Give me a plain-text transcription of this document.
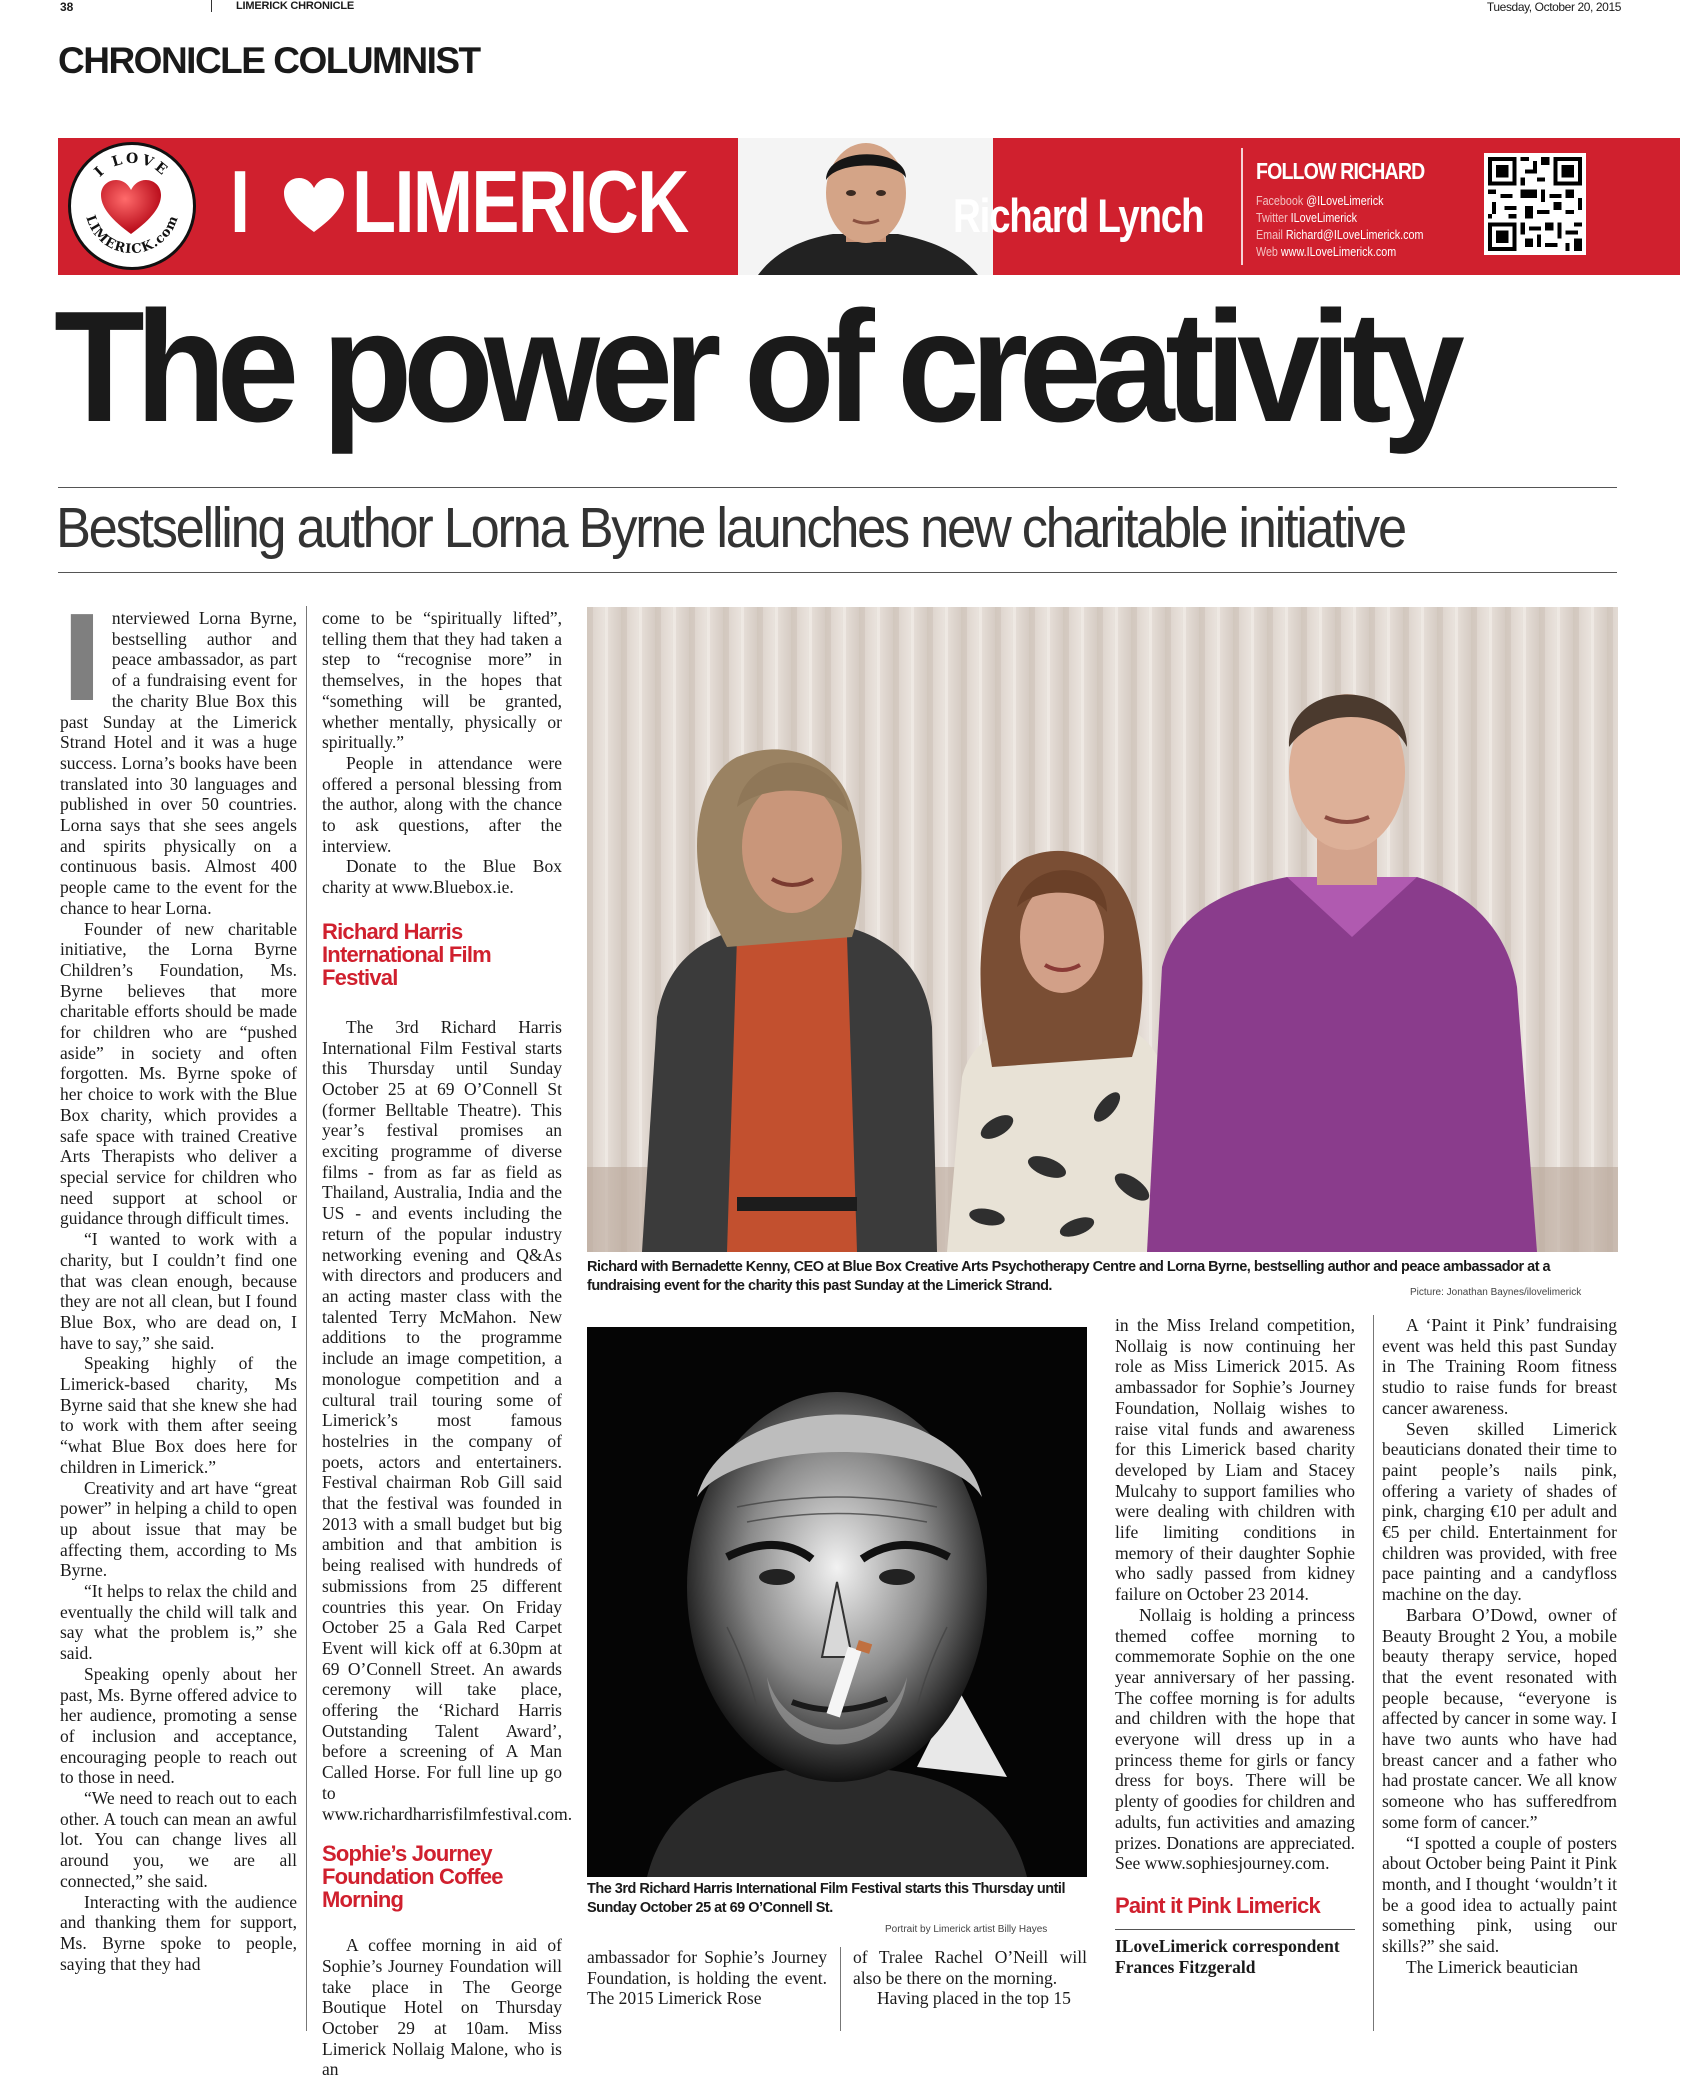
38	LIMERICK CHRONICLE	Tuesday, October 20, 2015
CHRONICLE COLUMNIST
I LOVE
LIMERICK.com I LIMERICK	Richard Lynch
FOLLOW RICHARD
Facebook @ILoveLimerick
Twitter ILoveLimerick
Email Richard@ILoveLimerick.com
Web www.ILoveLimerick.com
The power of creativity
Bestselling author Lorna Byrne launches new charitable initiative
I nterviewed Lorna Byrne, bestselling author and peace ambassador, as part of a fundraising event for the charity Blue Box this past Sunday at the Limerick Strand Hotel and it was a huge success. Lorna’s books have been translated into 30 languages and published in over 50 countries. Lorna says that she sees angels and spirits physically on a continuous basis. Almost 400 people came to the event for the chance to hear Lorna.

Founder of new charitable initiative, the Lorna Byrne Children’s Foundation, Ms. Byrne believes that more charitable efforts should be made for children who are “pushed aside” in society and often forgotten. Ms. Byrne spoke of her choice to work with the Blue Box charity, which provides a safe space with trained Creative Arts Therapists who deliver a special service for children who need support at school or guidance through difficult times.

“I wanted to work with a charity, but I couldn’t find one that was clean enough, because they are not all clean, but I found Blue Box, who are dead on, I have to say,” she said.

Speaking highly of the Limerick-based charity, Ms Byrne said that she knew she had to work with them after seeing “what Blue Box does here for children in Limerick.”

Creativity and art have “great power” in helping a child to open up about issue that may be affecting them, according to Ms Byrne.

“It helps to relax the child and eventually the child will talk and say what the problem is,” she said.

Speaking openly about her past, Ms. Byrne offered advice to her audience, promoting a sense of inclusion and acceptance, encouraging people to reach out to those in need.

“We need to reach out to each other. A touch can mean an awful lot. You can change lives all around you, we are all connected,” she said.

Interacting with the audience and thanking them for support, Ms. Byrne spoke to people, saying that they had

come to be “spiritually lifted”, telling them that they had taken a step to “recognise more” in themselves, in the hopes that “something will be granted, whether mentally, physically or spiritually.”

People in attendance were offered a personal blessing from the author, along with the chance to ask questions, after the interview.

Donate to the Blue Box charity at www.Bluebox.ie.

Richard Harris International Film Festival

The 3rd Richard Harris International Film Festival starts this Thursday until Sunday October 25 at 69 O’Connell St (former Belltable Theatre). This year’s festival promises an exciting programme of diverse films - from as far as field as Thailand, Australia, India and the US - and events including the return of the popular industry networking evening and Q&As with directors and producers and an acting master class with the talented Terry McMahon. New additions to the programme include an image competition, a monologue competition and a cultural trail touring some of Limerick’s most famous hostelries in the company of poets, actors and entertainers. Festival chairman Rob Gill said that the festival was founded in 2013 with a small budget but big ambition and that ambition is being realised with hundreds of submissions from 25 different countries this year. On Friday October 25 a Gala Red Carpet Event will kick off at 6.30pm at 69 O’Connell Street. An awards ceremony will take place, offering the ‘Richard Harris Outstanding Talent Award’, before a screening of A Man Called Horse. For full line up go to www.richardharrisfilmfestival.com.

Sophie’s Journey Foundation Coffee Morning

A coffee morning in aid of Sophie’s Journey Foundation will take place in The George Boutique Hotel on Thursday October 29 at 10am. Miss Limerick Nollaig Malone, who is an

Richard with Bernadette Kenny, CEO at Blue Box Creative Arts Psychotherapy Centre and Lorna Byrne, bestselling author and peace ambassador at a fundraising event for the charity this past Sunday at the Limerick Strand.	Picture: Jonathan Baynes/ilovelimerick
The 3rd Richard Harris International Film Festival starts this Thursday until Sunday October 25 at 69 O’Connell St.
Portrait by Limerick artist Billy Hayes

ambassador for Sophie’s Journey Foundation, is holding the event. The 2015 Limerick Rose

of Tralee Rachel O’Neill will also be there on the morning.

Having placed in the top 15

in the Miss Ireland competition, Nollaig is now continuing her role as Miss Limerick 2015. As ambassador for Sophie’s Journey Foundation, Nollaig wishes to raise vital funds and awareness for this Limerick based charity developed by Liam and Stacey Mulcahy to support families who were dealing with children with life limiting conditions in memory of their daughter Sophie who sadly passed from kidney failure on October 23 2014.

Nollaig is holding a princess themed coffee morning to commemorate Sophie on the one year anniversary of her passing. The coffee morning is for adults and children with the hope that everyone will dress up in a princess theme for girls or fancy dress for boys. There will be plenty of goodies for children and adults, fun activities and amazing prizes. Donations are appreciated. See www.sophiesjourney.com.

Paint it Pink Limerick

ILoveLimerick correspondent Frances Fitzgerald

A ‘Paint it Pink’ fundraising event was held this past Sunday in The Training Room fitness studio to raise funds for breast cancer awareness.

Seven skilled Limerick beauticians donated their time to paint people’s nails pink, offering a variety of shades of pink, charging €10 per adult and €5 per child. Entertainment for children was provided, with free pace painting and a candyfloss machine on the day.

Barbara O’Dowd, owner of Beauty Brought 2 You, a mobile beauty therapy service, hoped that the event resonated with people because, “everyone is affected by cancer in some way. I have two aunts who have had breast cancer and a father who had prostate cancer. We all know someone who has sufferedfrom some form of cancer.”

“I spotted a couple of posters about October being Paint it Pink month, and I thought ‘wouldn’t it be a good idea to actually paint something pink, using our skills?” she said.

The Limerick beautician
